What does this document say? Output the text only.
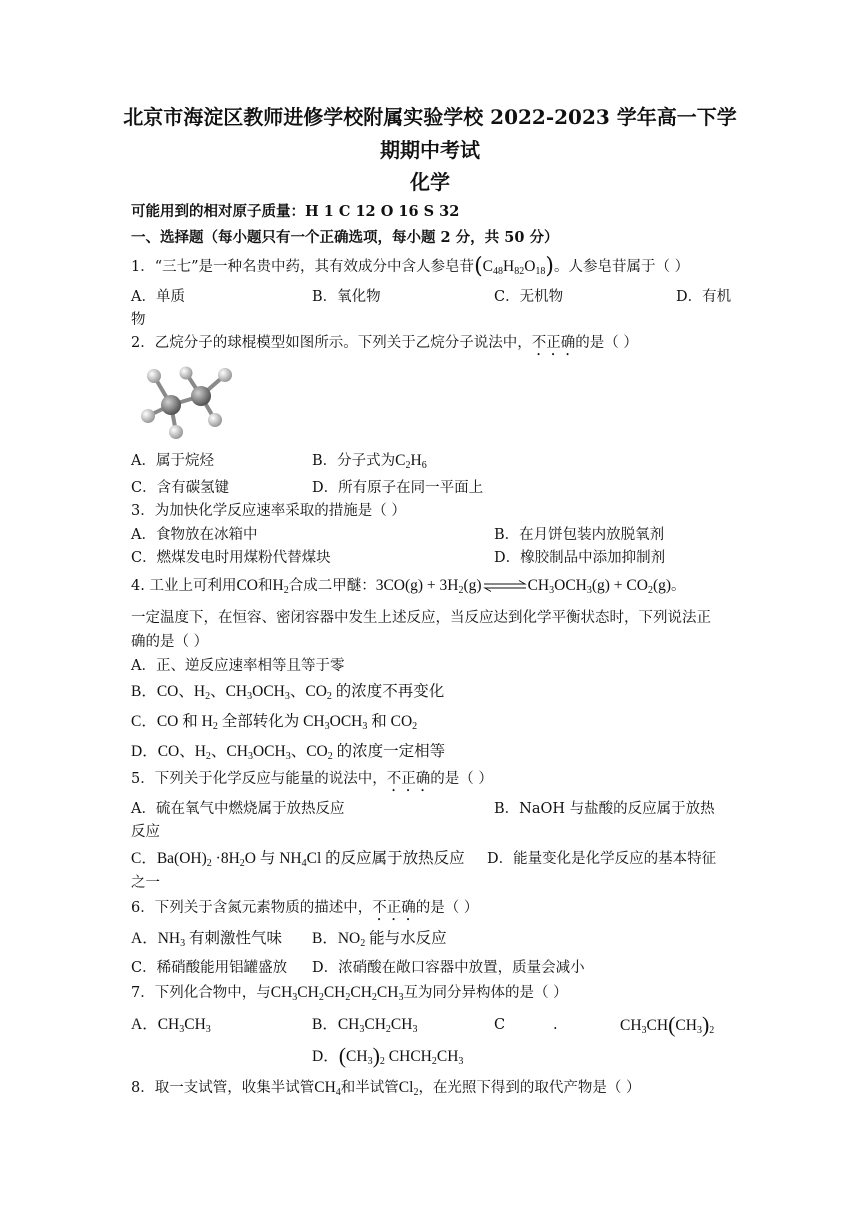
北京市海淀区教师进修学校附属实验学校 2022-2023 学年高一下学
期期中考试
化学
可能用到的相对原子质量：H 1 C 12 O 16 S 32
一、选择题（每小题只有一个正确选项，每小题 2 分，共 50 分）
1．“三七”是一种名贵中药，其有效成分中含人参皂苷$(C_{48}H_{82}O_{18})$。人参皂苷属于（ ）
A．单质	B．氧化物	C．无机物	D．有机
物
2．乙烷分子的球棍模型如图所示。下列关于乙烷分子说法中，不正确的是（ ）
A．属于烷烃	B．分子式为$C_2H_6$
C．含有碳氢键	D．所有原子在同一平面上
3．为加快化学反应速率采取的措施是（ ）
A．食物放在冰箱中	B．在月饼包装内放脱氧剂
C．燃煤发电时用煤粉代替煤块	D．橡胶制品中添加抑制剂
4. 工业上可利用CO和$H_2$合成二甲醚：$3CO(g) + 3H_2(g)\rightleftharpoons CH_3OCH_3(g) + CO_2(g)$。
一定温度下，在恒容、密闭容器中发生上述反应，当反应达到化学平衡状态时，下列说法正
确的是（ ）
A．正、逆反应速率相等且等于零
B．CO、$H_2$、$CH_3OCH_3$、$CO_2$ 的浓度不再变化
C．CO 和 $H_2$ 全部转化为 $CH_3OCH_3$ 和 $CO_2$
D．CO、$H_2$、$CH_3OCH_3$、$CO_2$ 的浓度一定相等
5．下列关于化学反应与能量的说法中，不正确的是（ ）
A．硫在氧气中燃烧属于放热反应	B．NaOH 与盐酸的反应属于放热
反应
C．$Ba(OH)_2 \cdot 8H_2O$ 与 $NH_4Cl$ 的反应属于放热反应 D．能量变化是化学反应的基本特征
之一
6．下列关于含氮元素物质的描述中，不正确的是（ ）
A．$NH_3$ 有刺激性气味 B．$NO_2$ 能与水反应
C．稀硝酸能用铝罐盛放 D．浓硝酸在敞口容器中放置，质量会减小
7．下列化合物中，与$CH_3CH_2CH_2CH_2CH_3$互为同分异构体的是（ ）
A．$CH_3CH_3$	B．$CH_3CH_2CH_3$	C	.	$CH_3CH(CH_3)_2$
D．$(CH_3)_2$ $CHCH_2CH_3$
8．取一支试管，收集半试管$CH_4$和半试管$Cl_2$，在光照下得到的取代产物是（ ）
